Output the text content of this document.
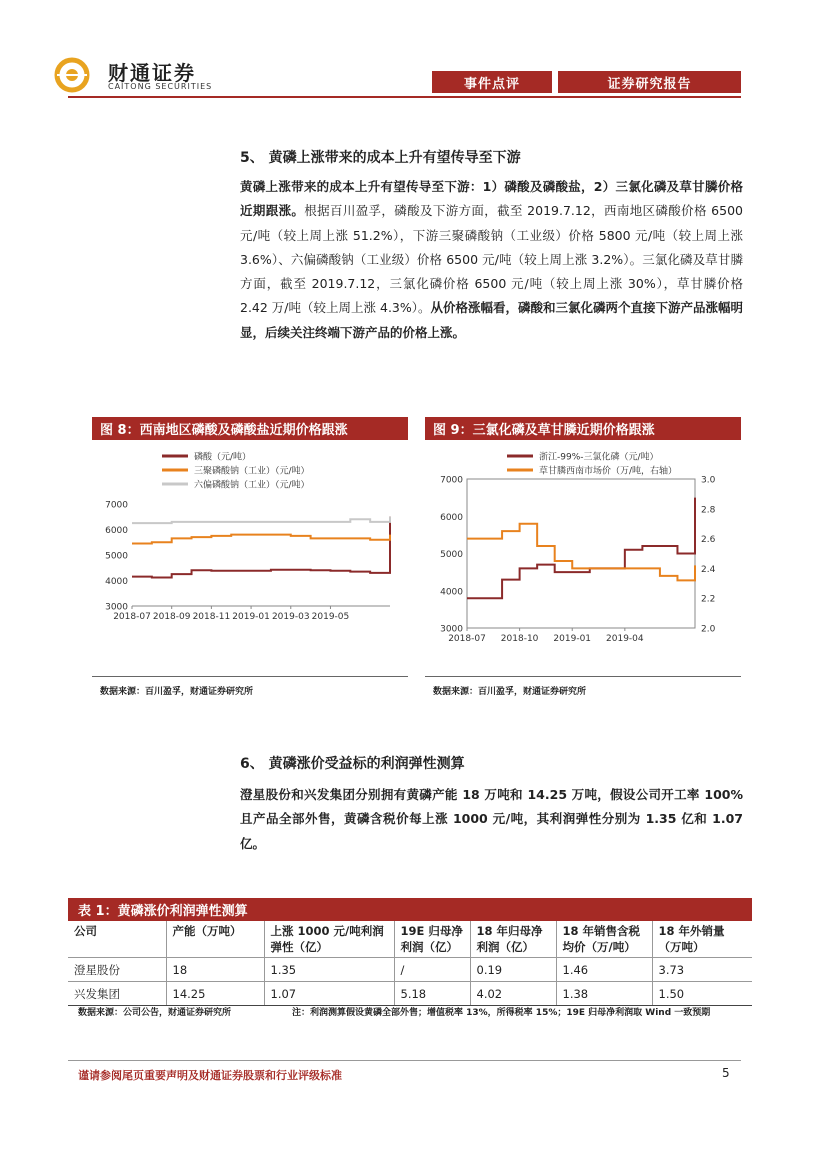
财通证券
CAITONG SECURITIES	事件点评	证券研究报告
5、 黄磷上涨带来的成本上升有望传导至下游
黄磷上涨带来的成本上升有望传导至下游：1）磷酸及磷酸盐，2）三氯化磷及草甘膦价格近期跟涨。根据百川盈孚，磷酸及下游方面，截至 2019.7.12，西南地区磷酸价格 6500 元/吨（较上周上涨 51.2%），下游三聚磷酸钠（工业级）价格 5800 元/吨（较上周上涨 3.6%）、六偏磷酸钠（工业级）价格 6500 元/吨（较上周上涨 3.2%）。三氯化磷及草甘膦方面，截至 2019.7.12，三氯化磷价格 6500 元/吨（较上周上涨 30%），草甘膦价格 2.42 万/吨（较上周上涨 4.3%）。从价格涨幅看，磷酸和三氯化磷两个直接下游产品涨幅明显，后续关注终端下游产品的价格上涨。
图 8：西南地区磷酸及磷酸盐近期价格跟涨
磷酸（元/吨）
三聚磷酸钠（工业）（元/吨）
六偏磷酸钠（工业）（元/吨）
3000
4000
5000
6000
7000
2018-07 2018-09 2018-11 2019-01 2019-03 2019-05
数据来源：百川盈孚，财通证券研究所
图 9：三氯化磷及草甘膦近期价格跟涨
浙江-99%-三氯化磷（元/吨）
草甘膦西南市场价（万/吨，右轴）
3000
4000
5000
6000
7000
2.0
2.2
2.4
2.6
2.8
3.0
2018-07 2018-10 2019-01 2019-04
数据来源：百川盈孚，财通证券研究所
6、 黄磷涨价受益标的利润弹性测算
澄星股份和兴发集团分别拥有黄磷产能 18 万吨和 14.25 万吨，假设公司开工率 100%且产品全部外售，黄磷含税价每上涨 1000 元/吨，其利润弹性分别为 1.35 亿和 1.07亿。
表 1：黄磷涨价利润弹性测算
公司	产能（万吨）	上涨 1000 元/吨利润弹性（亿）	19E 归母净利润（亿）	18 年归母净利润（亿）	18 年销售含税均价（万/吨）	18 年外销量（万吨）
澄星股份	18	1.35	/	0.19	1.46	3.73
兴发集团	14.25	1.07	5.18	4.02	1.38	1.50
数据来源：公司公告，财通证券研究所	注：利润测算假设黄磷全部外售；增值税率 13%，所得税率 15%；19E 归母净利润取 Wind 一致预期
谨请参阅尾页重要声明及财通证券股票和行业评级标准	5
